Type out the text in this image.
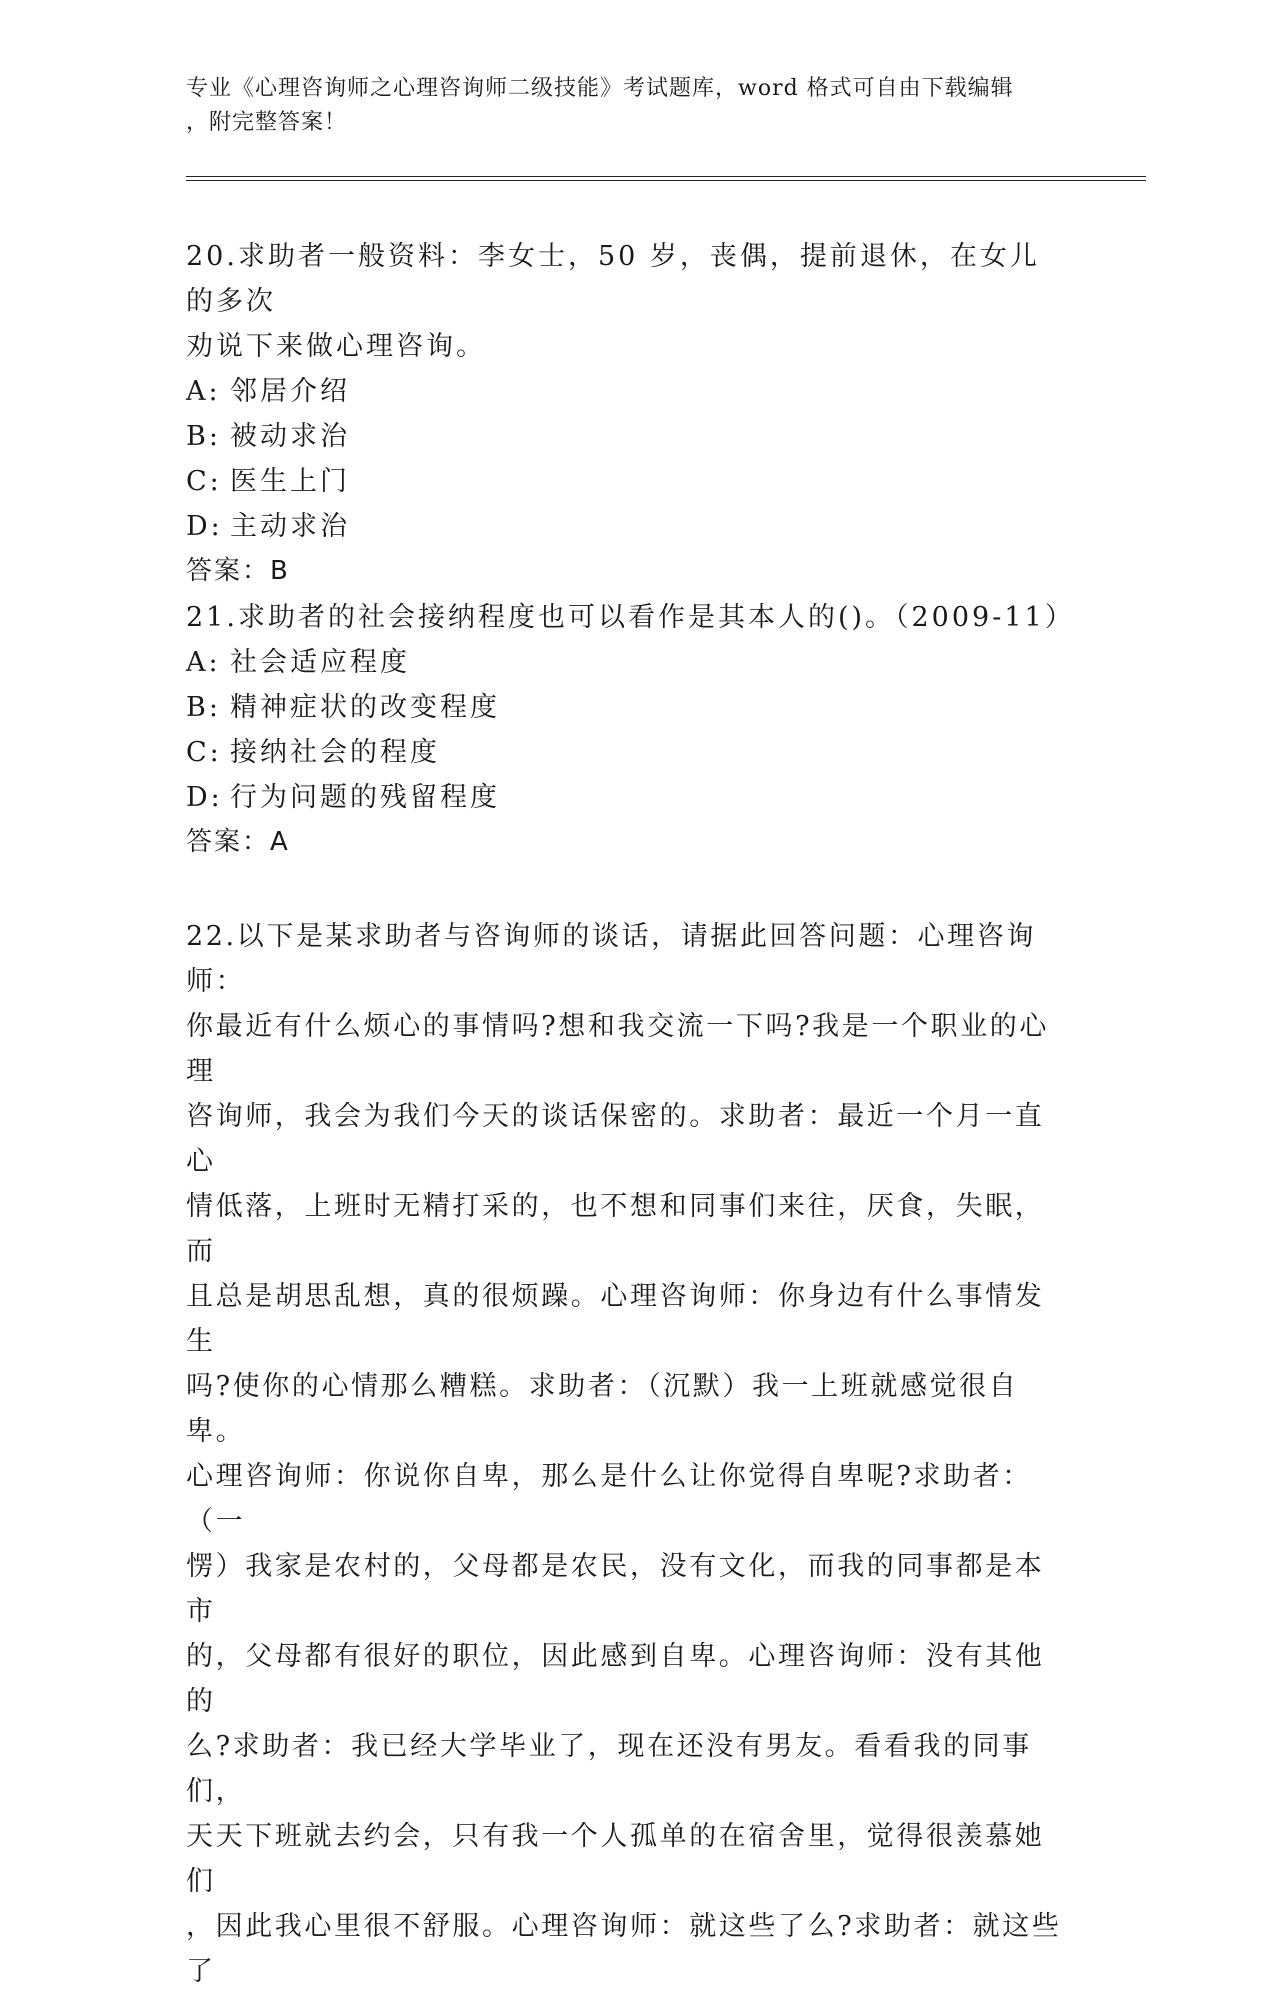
专业《心理咨询师之心理咨询师二级技能》考试题库，word 格式可自由下载编辑
，附完整答案！
20.求助者一般资料：李女士，50 岁，丧偶，提前退休，在女儿的多次
劝说下来做心理咨询。
A: 邻居介绍
B: 被动求治
C: 医生上门
D: 主动求治
答案：B
21.求助者的社会接纳程度也可以看作是其本人的()。（2009-11）
A: 社会适应程度
B: 精神症状的改变程度
C: 接纳社会的程度
D: 行为问题的残留程度
答案：A
22.以下是某求助者与咨询师的谈话，请据此回答问题：心理咨询师：
你最近有什么烦心的事情吗?想和我交流一下吗?我是一个职业的心理
咨询师，我会为我们今天的谈话保密的。求助者：最近一个月一直心
情低落，上班时无精打采的，也不想和同事们来往，厌食，失眠，而
且总是胡思乱想，真的很烦躁。心理咨询师：你身边有什么事情发生
吗?使你的心情那么糟糕。求助者：（沉默）我一上班就感觉很自卑。
心理咨询师：你说你自卑，那么是什么让你觉得自卑呢?求助者：（一
愣）我家是农村的，父母都是农民，没有文化，而我的同事都是本市
的，父母都有很好的职位，因此感到自卑。心理咨询师：没有其他的
么?求助者：我已经大学毕业了，现在还没有男友。看看我的同事们，
天天下班就去约会，只有我一个人孤单的在宿舍里，觉得很羡慕她们
，因此我心里很不舒服。心理咨询师：就这些了么?求助者：就这些了
